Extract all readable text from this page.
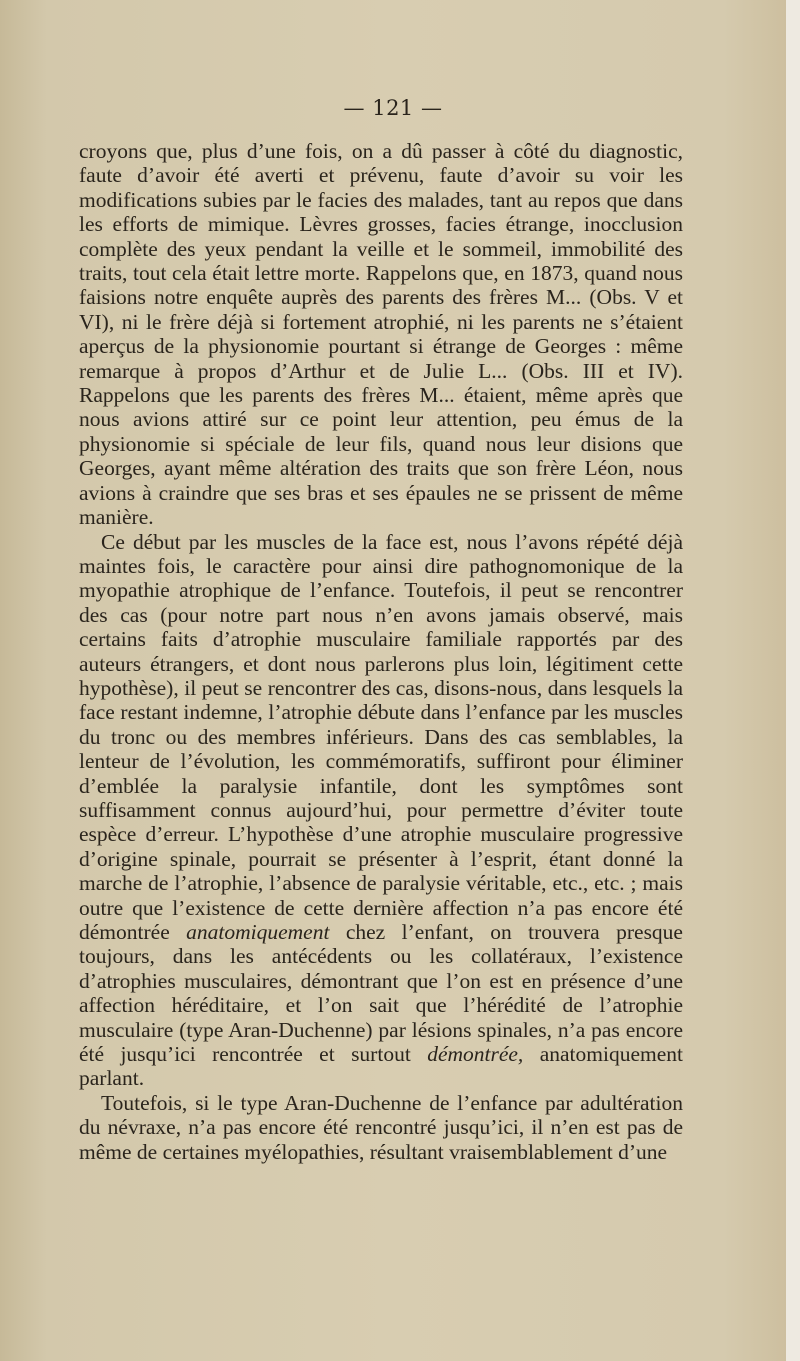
— 121 —

croyons que, plus d’une fois, on a dû passer à côté du diagnostic, faute d’avoir été averti et prévenu, faute d’avoir su voir les modifications subies par le facies des malades, tant au repos que dans les efforts de mimique. Lèvres grosses, facies étrange, inocclusion complète des yeux pendant la veille et le sommeil, immobilité des traits, tout cela était lettre morte. Rappelons que, en 1873, quand nous faisions notre enquête auprès des parents des frères M... (Obs. V et VI), ni le frère déjà si fortement atrophié, ni les parents ne s’étaient aperçus de la physionomie pourtant si étrange de Georges : même remarque à propos d’Arthur et de Julie L... (Obs. III et IV). Rappelons que les parents des frères M... étaient, même après que nous avions attiré sur ce point leur attention, peu émus de la physionomie si spéciale de leur fils, quand nous leur disions que Georges, ayant même altération des traits que son frère Léon, nous avions à craindre que ses bras et ses épaules ne se prissent de même manière.

Ce début par les muscles de la face est, nous l’avons répété déjà maintes fois, le caractère pour ainsi dire pathognomonique de la myopathie atrophique de l’enfance. Toutefois, il peut se rencontrer des cas (pour notre part nous n’en avons jamais observé, mais certains faits d’atrophie musculaire familiale rapportés par des auteurs étrangers, et dont nous parlerons plus loin, légitiment cette hypothèse), il peut se rencontrer des cas, disons-nous, dans lesquels la face restant indemne, l’atrophie débute dans l’enfance par les muscles du tronc ou des membres inférieurs. Dans des cas semblables, la lenteur de l’évolution, les commémoratifs, suffiront pour éliminer d’emblée la paralysie infantile, dont les symptômes sont suffisamment connus aujourd’hui, pour permettre d’éviter toute espèce d’erreur. L’hypothèse d’une atrophie musculaire progressive d’origine spinale, pourrait se présenter à l’esprit, étant donné la marche de l’atrophie, l’absence de paralysie véritable, etc., etc. ; mais outre que l’existence de cette dernière affection n’a pas encore été démontrée anatomiquement chez l’enfant, on trouvera presque toujours, dans les antécédents ou les collatéraux, l’existence d’atrophies musculaires, démontrant que l’on est en présence d’une affection héréditaire, et l’on sait que l’hérédité de l’atrophie musculaire (type Aran-Duchenne) par lésions spinales, n’a pas encore été jusqu’ici rencontrée et surtout démontrée, anatomiquement parlant.

Toutefois, si le type Aran-Duchenne de l’enfance par adultération du névraxe, n’a pas encore été rencontré jusqu’ici, il n’en est pas de même de certaines myélopathies, résultant vraisemblablement d’une
